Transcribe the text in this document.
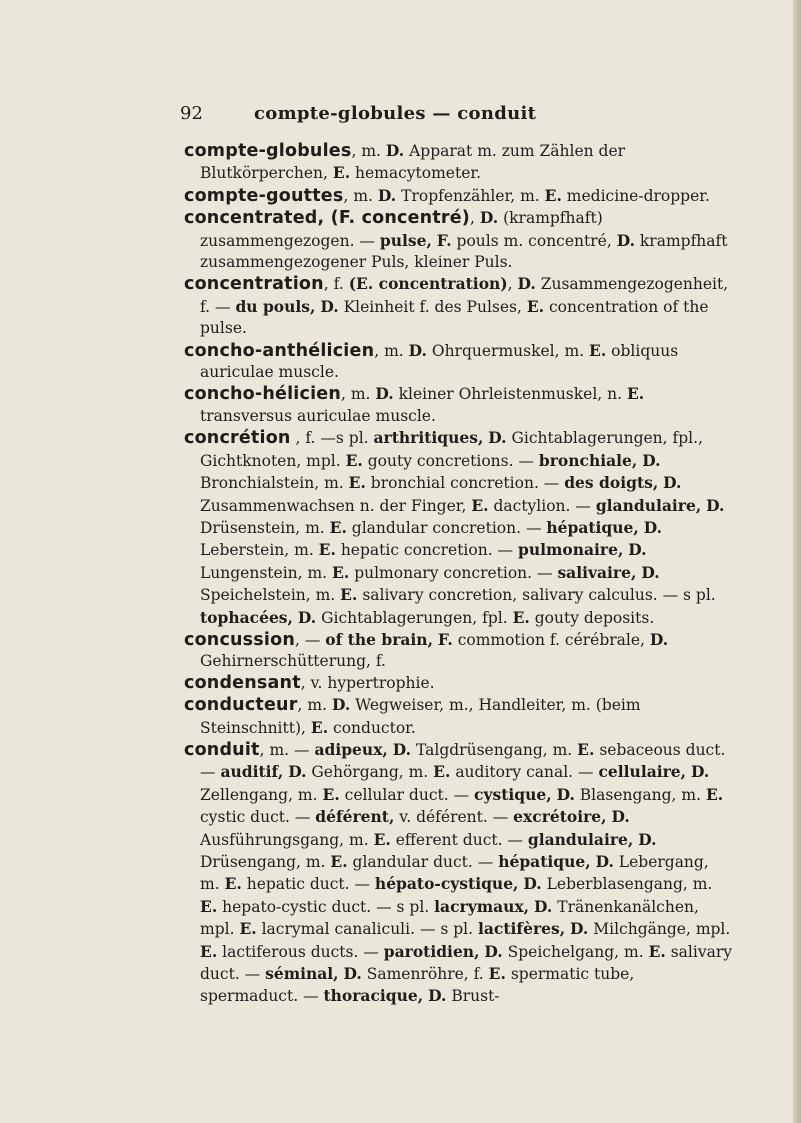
92	compte-globules — conduit

compte-globules, m. D. Apparat m. zum Zählen der Blutkörperchen, E. hemacytometer.

compte-gouttes, m. D. Tropfenzähler, m. E. medicine-dropper.

concentrated, (F. concentré), D. (krampfhaft) zusammengezogen. — pulse, F. pouls m. concentré, D. krampfhaft zusammengezogener Puls, kleiner Puls.

concentration, f. (E. concentration), D. Zusammengezogenheit, f. — du pouls, D. Kleinheit f. des Pulses, E. concentration of the pulse.

concho-anthélicien, m. D. Ohrquermuskel, m. E. obliquus auriculae muscle.

concho-hélicien, m. D. kleiner Ohrleistenmuskel, n. E. transversus auriculae muscle.

concrétion , f. —s pl. arthritiques, D. Gichtablagerungen, fpl., Gichtknoten, mpl. E. gouty concretions. — bronchiale, D. Bronchialstein, m. E. bronchial concretion. — des doigts, D. Zusammenwachsen n. der Finger, E. dactylion. — glandulaire, D. Drüsenstein, m. E. glandular concretion. — hépatique, D. Leberstein, m. E. hepatic concretion. — pulmonaire, D. Lungenstein, m. E. pulmonary concretion. — salivaire, D. Speichelstein, m. E. salivary concretion, salivary calculus. — s pl. tophacées, D. Gichtablagerungen, fpl. E. gouty deposits.

concussion, — of the brain, F. commotion f. cérébrale, D. Gehirnerschütterung, f.

condensant, v. hypertrophie.

conducteur, m. D. Wegweiser, m., Handleiter, m. (beim Steinschnitt), E. conductor.

conduit, m. — adipeux, D. Talgdrüsengang, m. E. sebaceous duct. — auditif, D. Gehörgang, m. E. auditory canal. — cellulaire, D. Zellengang, m. E. cellular duct. — cystique, D. Blasengang, m. E. cystic duct. — déférent, v. déférent. — excrétoire, D. Ausführungsgang, m. E. efferent duct. — glandulaire, D. Drüsengang, m. E. glandular duct. — hépatique, D. Lebergang, m. E. hepatic duct. — hépato-cystique, D. Leberblasengang, m. E. hepato-cystic duct. — s pl. lacrymaux, D. Tränenkanälchen, mpl. E. lacrymal canaliculi. — s pl. lactifères, D. Milchgänge, mpl. E. lactiferous ducts. — parotidien, D. Speichelgang, m. E. salivary duct. — séminal, D. Samenröhre, f. E. spermatic tube, spermaduct. — thoracique, D. Brust-
